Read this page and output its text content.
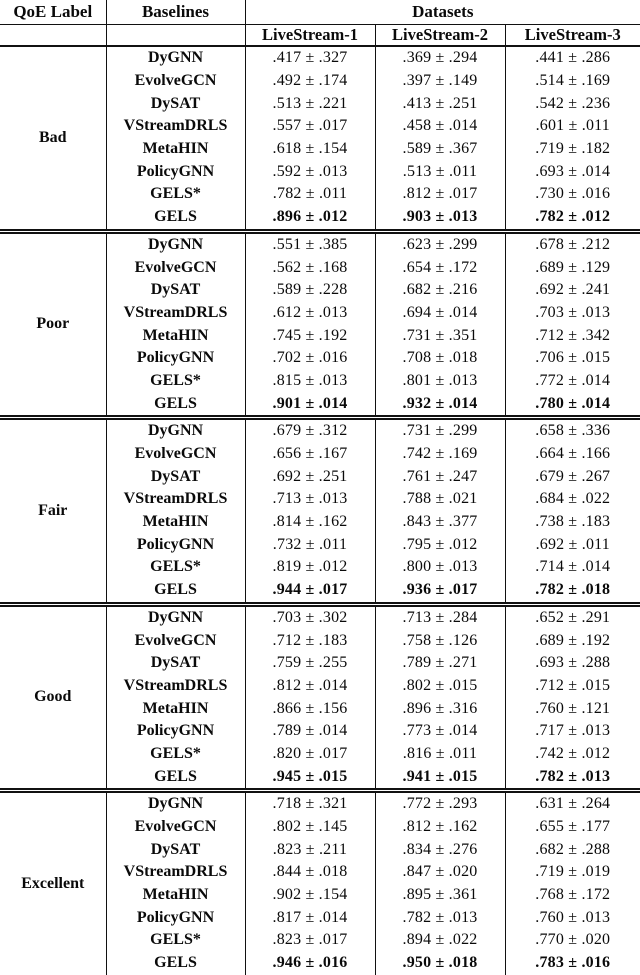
QoE Label	Baselines	Datasets		
		LiveStream-1	LiveStream-2	LiveStream-3
Bad	DyGNN	.417 ± .327	.369 ± .294	.441 ± .286
	EvolveGCN	.492 ± .174	.397 ± .149	.514 ± .169
	DySAT	.513 ± .221	.413 ± .251	.542 ± .236
	VStreamDRLS	.557 ± .017	.458 ± .014	.601 ± .011
	MetaHIN	.618 ± .154	.589 ± .367	.719 ± .182
	PolicyGNN	.592 ± .013	.513 ± .011	.693 ± .014
	GELS*	.782 ± .011	.812 ± .017	.730 ± .016
	GELS	.896 ± .012	.903 ± .013	.782 ± .012
Poor	DyGNN	.551 ± .385	.623 ± .299	.678 ± .212
	EvolveGCN	.562 ± .168	.654 ± .172	.689 ± .129
	DySAT	.589 ± .228	.682 ± .216	.692 ± .241
	VStreamDRLS	.612 ± .013	.694 ± .014	.703 ± .013
	MetaHIN	.745 ± .192	.731 ± .351	.712 ± .342
	PolicyGNN	.702 ± .016	.708 ± .018	.706 ± .015
	GELS*	.815 ± .013	.801 ± .013	.772 ± .014
	GELS	.901 ± .014	.932 ± .014	.780 ± .014
Fair	DyGNN	.679 ± .312	.731 ± .299	.658 ± .336
	EvolveGCN	.656 ± .167	.742 ± .169	.664 ± .166
	DySAT	.692 ± .251	.761 ± .247	.679 ± .267
	VStreamDRLS	.713 ± .013	.788 ± .021	.684 ± .022
	MetaHIN	.814 ± .162	.843 ± .377	.738 ± .183
	PolicyGNN	.732 ± .011	.795 ± .012	.692 ± .011
	GELS*	.819 ± .012	.800 ± .013	.714 ± .014
	GELS	.944 ± .017	.936 ± .017	.782 ± .018
Good	DyGNN	.703 ± .302	.713 ± .284	.652 ± .291
	EvolveGCN	.712 ± .183	.758 ± .126	.689 ± .192
	DySAT	.759 ± .255	.789 ± .271	.693 ± .288
	VStreamDRLS	.812 ± .014	.802 ± .015	.712 ± .015
	MetaHIN	.866 ± .156	.896 ± .316	.760 ± .121
	PolicyGNN	.789 ± .014	.773 ± .014	.717 ± .013
	GELS*	.820 ± .017	.816 ± .011	.742 ± .012
	GELS	.945 ± .015	.941 ± .015	.782 ± .013
Excellent	DyGNN	.718 ± .321	.772 ± .293	.631 ± .264
	EvolveGCN	.802 ± .145	.812 ± .162	.655 ± .177
	DySAT	.823 ± .211	.834 ± .276	.682 ± .288
	VStreamDRLS	.844 ± .018	.847 ± .020	.719 ± .019
	MetaHIN	.902 ± .154	.895 ± .361	.768 ± .172
	PolicyGNN	.817 ± .014	.782 ± .013	.760 ± .013
	GELS*	.823 ± .017	.894 ± .022	.770 ± .020
	GELS	.946 ± .016	.950 ± .018	.783 ± .016
